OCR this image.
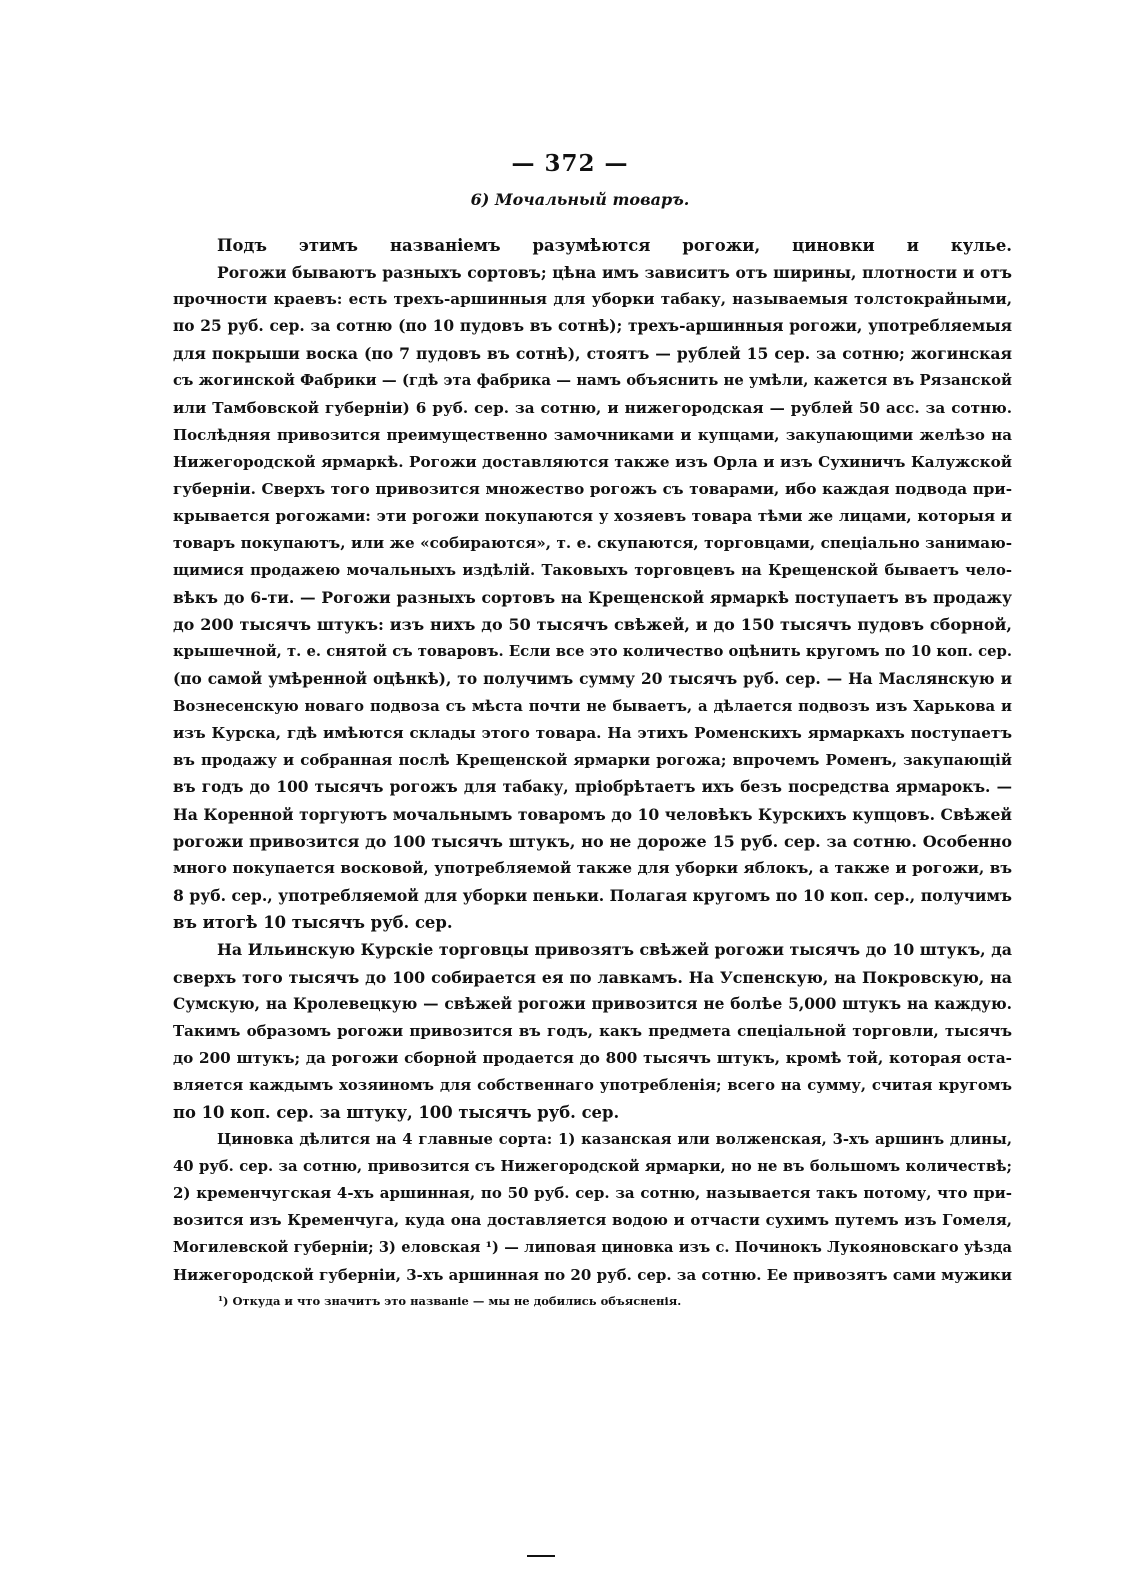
— 372 —
6) Мочальный товаръ.
Подъ этимъ названіемъ разумѣются рогожи, циновки и кулье.
Рогожи бываютъ разныхъ сортовъ; цѣна имъ зависитъ отъ ширины, плотности и отъ
прочности краевъ: есть трехъ-аршинныя для уборки табаку, называемыя толстокрайными,
по 25 руб. сер. за сотню (по 10 пудовъ въ сотнѣ); трехъ-аршинныя рогожи, употребляемыя
для покрыши воска (по 7 пудовъ въ сотнѣ), стоятъ — рублей 15 сер. за сотню; жогинская
съ жогинской Фабрики — (гдѣ эта фабрика — намъ объяснить не умѣли, кажется въ Рязанской
или Тамбовской губерніи) 6 руб. сер. за сотню, и нижегородская — рублей 50 асс. за сотню.
Послѣдняя привозится преимущественно замочниками и купцами, закупающими желѣзо на
Нижегородской ярмаркѣ. Рогожи доставляются также изъ Орла и изъ Сухиничъ Калужской
губерніи. Сверхъ того привозится множество рогожъ съ товарами, ибо каждая подвода при-
крывается рогожами: эти рогожи покупаются у хозяевъ товара тѣми же лицами, которыя и
товаръ покупаютъ, или же «собираются», т. е. скупаются, торговцами, спеціально занимаю-
щимися продажею мочальныхъ издѣлій. Таковыхъ торговцевъ на Крещенской бываетъ чело-
вѣкъ до 6-ти. — Рогожи разныхъ сортовъ на Крещенской ярмаркѣ поступаетъ въ продажу
до 200 тысячъ штукъ: изъ нихъ до 50 тысячъ свѣжей, и до 150 тысячъ пудовъ сборной,
крышечной, т. е. снятой съ товаровъ. Если все это количество оцѣнить кругомъ по 10 коп. сер.
(по самой умѣренной оцѣнкѣ), то получимъ сумму 20 тысячъ руб. сер. — На Маслянскую и
Вознесенскую новаго подвоза съ мѣста почти не бываетъ, а дѣлается подвозъ изъ Харькова и
изъ Курска, гдѣ имѣются склады этого товара. На этихъ Роменскихъ ярмаркахъ поступаетъ
въ продажу и собранная послѣ Крещенской ярмарки рогожа; впрочемъ Роменъ, закупающій
въ годъ до 100 тысячъ рогожъ для табаку, пріобрѣтаетъ ихъ безъ посредства ярмарокъ. —
На Коренной торгуютъ мочальнымъ товаромъ до 10 человѣкъ Курскихъ купцовъ. Свѣжей
рогожи привозится до 100 тысячъ штукъ, но не дороже 15 руб. сер. за сотню. Особенно
много покупается восковой, употребляемой также для уборки яблокъ, а также и рогожи, въ
8 руб. сер., употребляемой для уборки пеньки. Полагая кругомъ по 10 коп. сер., получимъ
въ итогѣ 10 тысячъ руб. сер.
На Ильинскую Курскіе торговцы привозятъ свѣжей рогожи тысячъ до 10 штукъ, да
сверхъ того тысячъ до 100 собирается ея по лавкамъ. На Успенскую, на Покровскую, на
Сумскую, на Кролевецкую — свѣжей рогожи привозится не болѣе 5,000 штукъ на каждую.
Такимъ образомъ рогожи привозится въ годъ, какъ предмета спеціальной торговли, тысячъ
до 200 штукъ; да рогожи сборной продается до 800 тысячъ штукъ, кромѣ той, которая оста-
вляется каждымъ хозяиномъ для собственнаго употребленія; всего на сумму, считая кругомъ
по 10 коп. сер. за штуку, 100 тысячъ руб. сер.
Циновка дѣлится на 4 главные сорта: 1) казанская или волженская, 3-хъ аршинъ длины,
40 руб. сер. за сотню, привозится съ Нижегородской ярмарки, но не въ большомъ количествѣ;
2) кременчугская 4-хъ аршинная, по 50 руб. сер. за сотню, называется такъ потому, что при-
возится изъ Кременчуга, куда она доставляется водою и отчасти сухимъ путемъ изъ Гомеля,
Могилевской губерніи; 3) еловская ¹) — липовая циновка изъ с. Починокъ Лукояновскаго уѣзда
Нижегородской губерніи, 3-хъ аршинная по 20 руб. сер. за сотню. Ее привозятъ сами мужики
¹) Откуда и что значитъ это названіе — мы не добились объясненія.
